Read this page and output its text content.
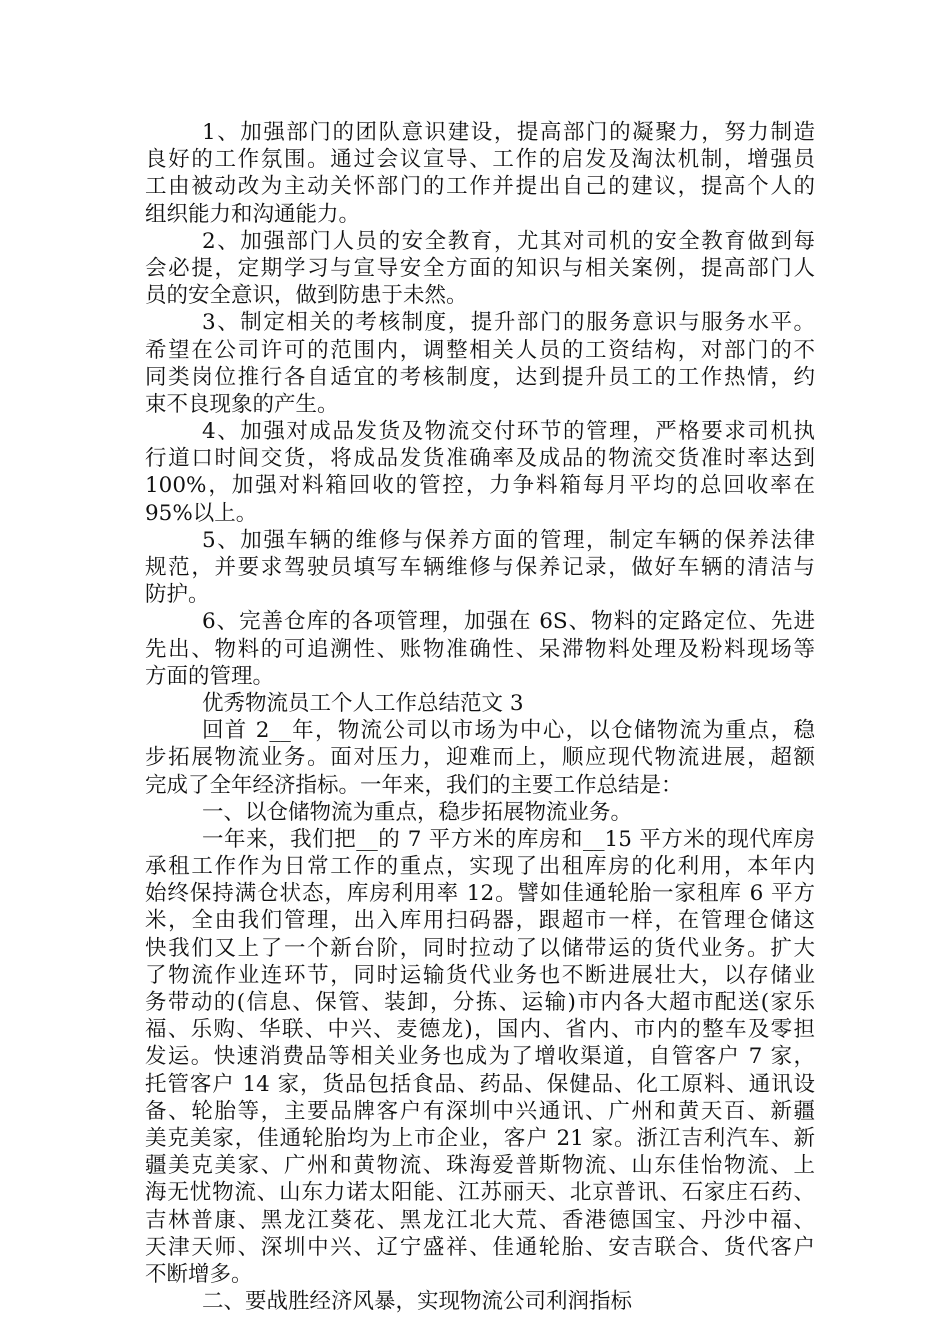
1、加强部门的团队意识建设，提高部门的凝聚力，努力制造
良好的工作氛围。通过会议宣导、工作的启发及淘汰机制，增强员
工由被动改为主动关怀部门的工作并提出自己的建议，提高个人的
组织能力和沟通能力。
2、加强部门人员的安全教育，尤其对司机的安全教育做到每
会必提，定期学习与宣导安全方面的知识与相关案例，提高部门人
员的安全意识，做到防患于未然。
3、制定相关的考核制度，提升部门的服务意识与服务水平。
希望在公司许可的范围内，调整相关人员的工资结构，对部门的不
同类岗位推行各自适宜的考核制度，达到提升员工的工作热情，约
束不良现象的产生。
4、加强对成品发货及物流交付环节的管理，严格要求司机执
行道口时间交货，将成品发货准确率及成品的物流交货准时率达到
100%，加强对料箱回收的管控，力争料箱每月平均的总回收率在
95%以上。
5、加强车辆的维修与保养方面的管理，制定车辆的保养法律
规范，并要求驾驶员填写车辆维修与保养记录，做好车辆的清洁与
防护。
6、完善仓库的各项管理，加强在 6S、物料的定路定位、先进
先出、物料的可追溯性、账物准确性、呆滞物料处理及粉料现场等
方面的管理。
优秀物流员工个人工作总结范文 3
回首 2__年，物流公司以市场为中心，以仓储物流为重点，稳
步拓展物流业务。面对压力，迎难而上，顺应现代物流进展，超额
完成了全年经济指标。一年来，我们的主要工作总结是：
一、以仓储物流为重点，稳步拓展物流业务。
一年来，我们把__的 7 平方米的库房和__15 平方米的现代库房
承租工作作为日常工作的重点，实现了出租库房的化利用，本年内
始终保持满仓状态，库房利用率 12。譬如佳通轮胎一家租库 6 平方
米，全由我们管理，出入库用扫码器，跟超市一样，在管理仓储这
快我们又上了一个新台阶，同时拉动了以储带运的货代业务。扩大
了物流作业连环节，同时运输货代业务也不断进展壮大，以存储业
务带动的(信息、保管、装卸，分拣、运输)市内各大超市配送(家乐
福、乐购、华联、中兴、麦德龙)，国内、省内、市内的整车及零担
发运。快速消费品等相关业务也成为了增收渠道，自管客户 7 家，
托管客户 14 家，货品包括食品、药品、保健品、化工原料、通讯设
备、轮胎等，主要品牌客户有深圳中兴通讯、广州和黄天百、新疆
美克美家，佳通轮胎均为上市企业，客户 21 家。浙江吉利汽车、新
疆美克美家、广州和黄物流、珠海爱普斯物流、山东佳怡物流、上
海无忧物流、山东力诺太阳能、江苏丽天、北京普讯、石家庄石药、
吉林普康、黑龙江葵花、黑龙江北大荒、香港德国宝、丹沙中福、
天津天师、深圳中兴、辽宁盛祥、佳通轮胎、安吉联合、货代客户
不断增多。
二、要战胜经济风暴，实现物流公司利润指标
